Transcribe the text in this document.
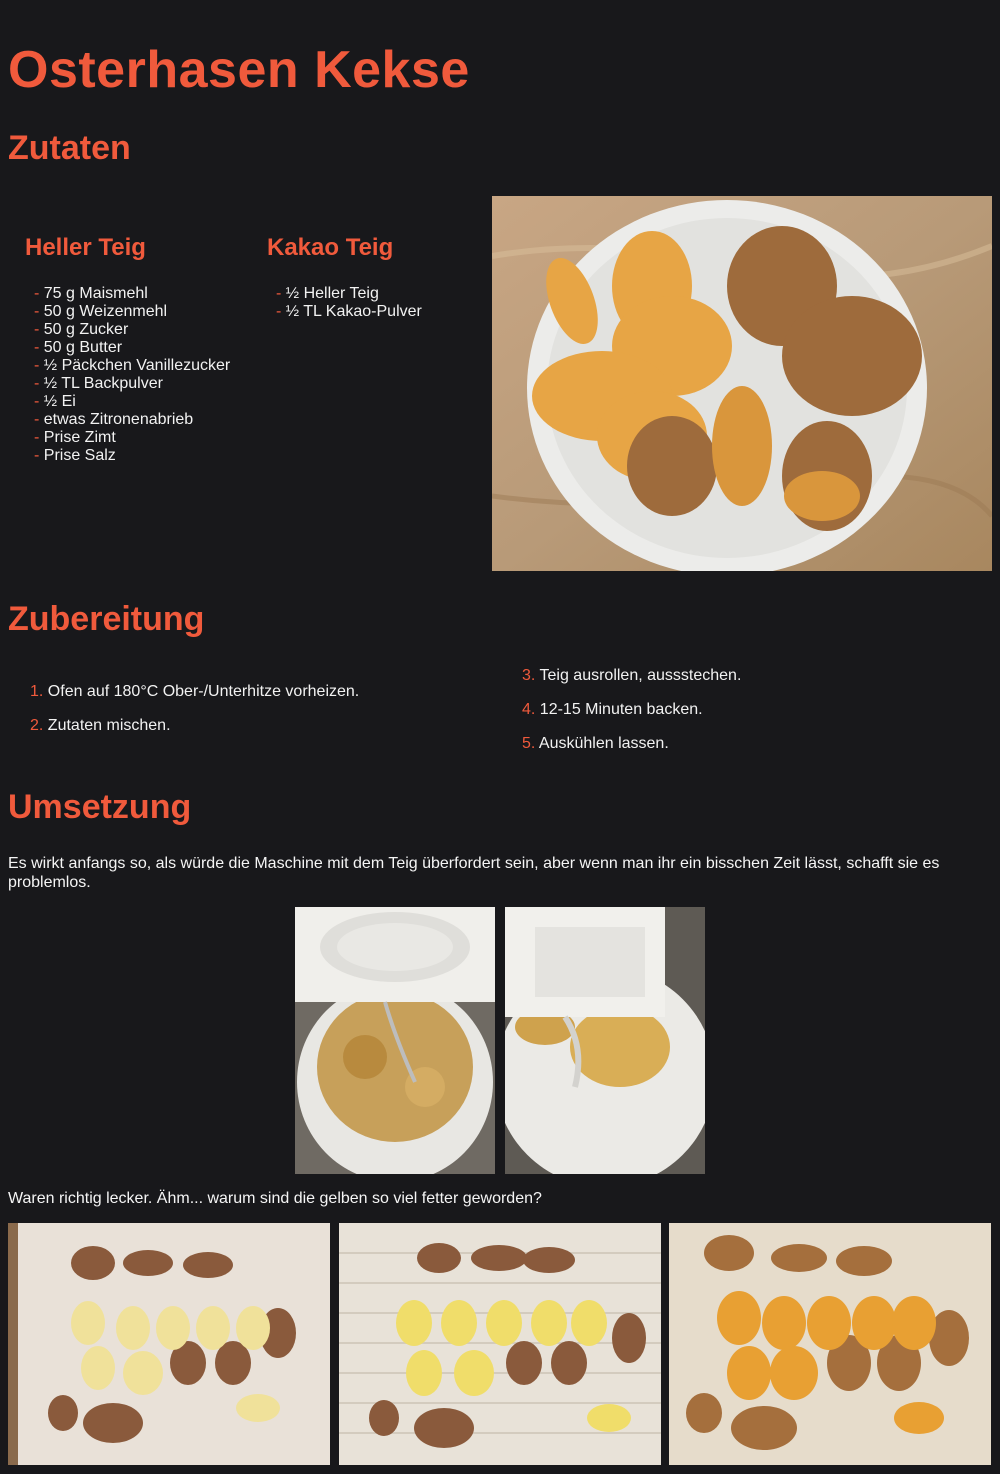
Osterhasen Kekse
Zutaten
Heller Teig
- 75 g Maismehl
- 50 g Weizenmehl
- 50 g Zucker
- 50 g Butter
- ½ Päckchen Vanillezucker
- ½ TL Backpulver
- ½ Ei
- etwas Zitronenabrieb
- Prise Zimt
- Prise Salz
Kakao Teig
- ½ Heller Teig
- ½ TL Kakao-Pulver
Zubereitung
1. Ofen auf 180°C Ober-/Unterhitze vorheizen.
2. Zutaten mischen.
3. Teig ausrollen, aussstechen.
4. 12-15 Minuten backen.
5. Auskühlen lassen.
Umsetzung

Es wirkt anfangs so, als würde die Maschine mit dem Teig überfordert sein, aber wenn man ihr ein bisschen Zeit lässt, schafft sie es problemlos.

Waren richtig lecker. Ähm... warum sind die gelben so viel fetter geworden?
